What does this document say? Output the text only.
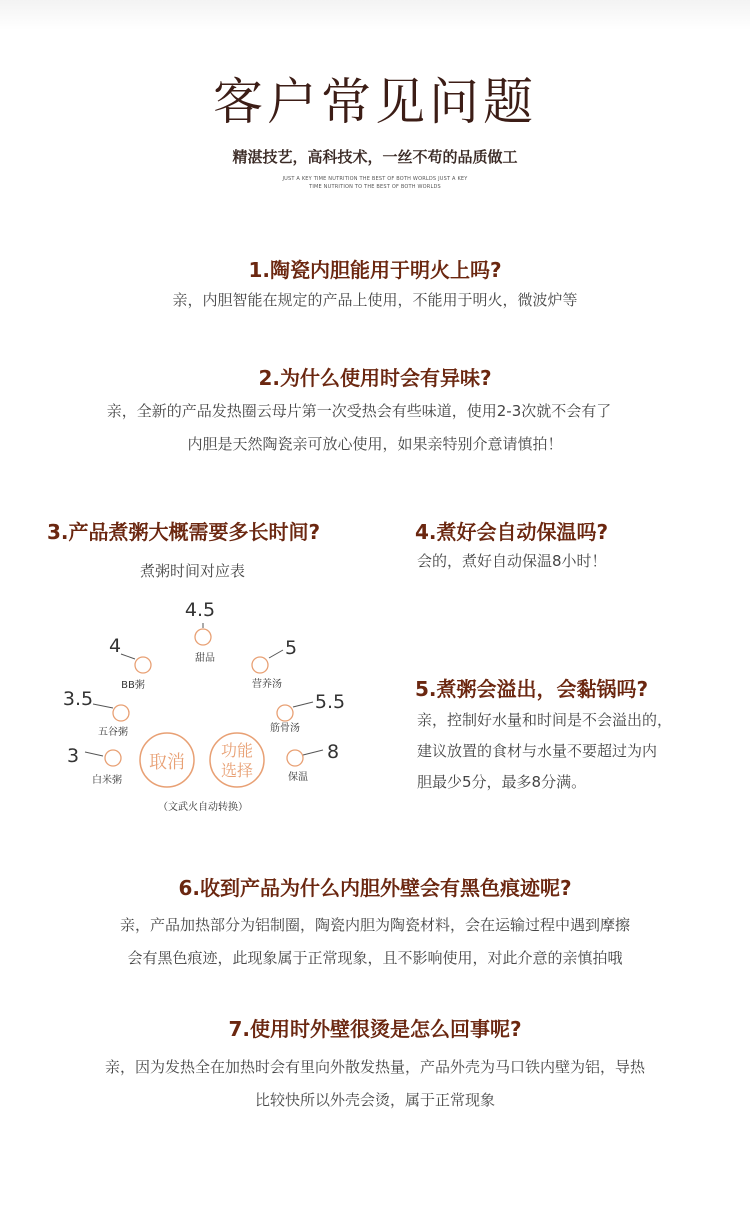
客户常见问题
精湛技艺，高科技术，一丝不苟的品质做工
JUST A KEY TIME NUTRITION THE BEST OF BOTH WORLDS JUST A KEY
TIME NUTRITION TO THE BEST OF BOTH WORLDS
1.陶瓷内胆能用于明火上吗?
亲，内胆智能在规定的产品上使用，不能用于明火，微波炉等
2.为什么使用时会有异味?
亲，全新的产品发热圈云母片第一次受热会有些味道，使用2-3次就不会有了
内胆是天然陶瓷亲可放心使用，如果亲特别介意请慎拍！
3.产品煮粥大概需要多长时间?
煮粥时间对应表
3
白米粥
3.5
五谷粥
4
BB粥
4.5
甜品	5
营养汤
5.5
筋骨汤
8
保温
取消
功能
选择
（文武火自动转换）
4.煮好会自动保温吗?
会的，煮好自动保温8小时！
5.煮粥会溢出，会黏锅吗?
亲，控制好水量和时间是不会溢出的，
建议放置的食材与水量不要超过为内
胆最少5分，最多8分满。
6.收到产品为什么内胆外壁会有黑色痕迹呢?
亲，产品加热部分为铝制圈，陶瓷内胆为陶瓷材料，会在运输过程中遇到摩擦
会有黑色痕迹，此现象属于正常现象，且不影响使用，对此介意的亲慎拍哦
7.使用时外壁很烫是怎么回事呢?
亲，因为发热全在加热时会有里向外散发热量，产品外壳为马口铁内壁为铝，导热
比较快所以外壳会烫，属于正常现象
